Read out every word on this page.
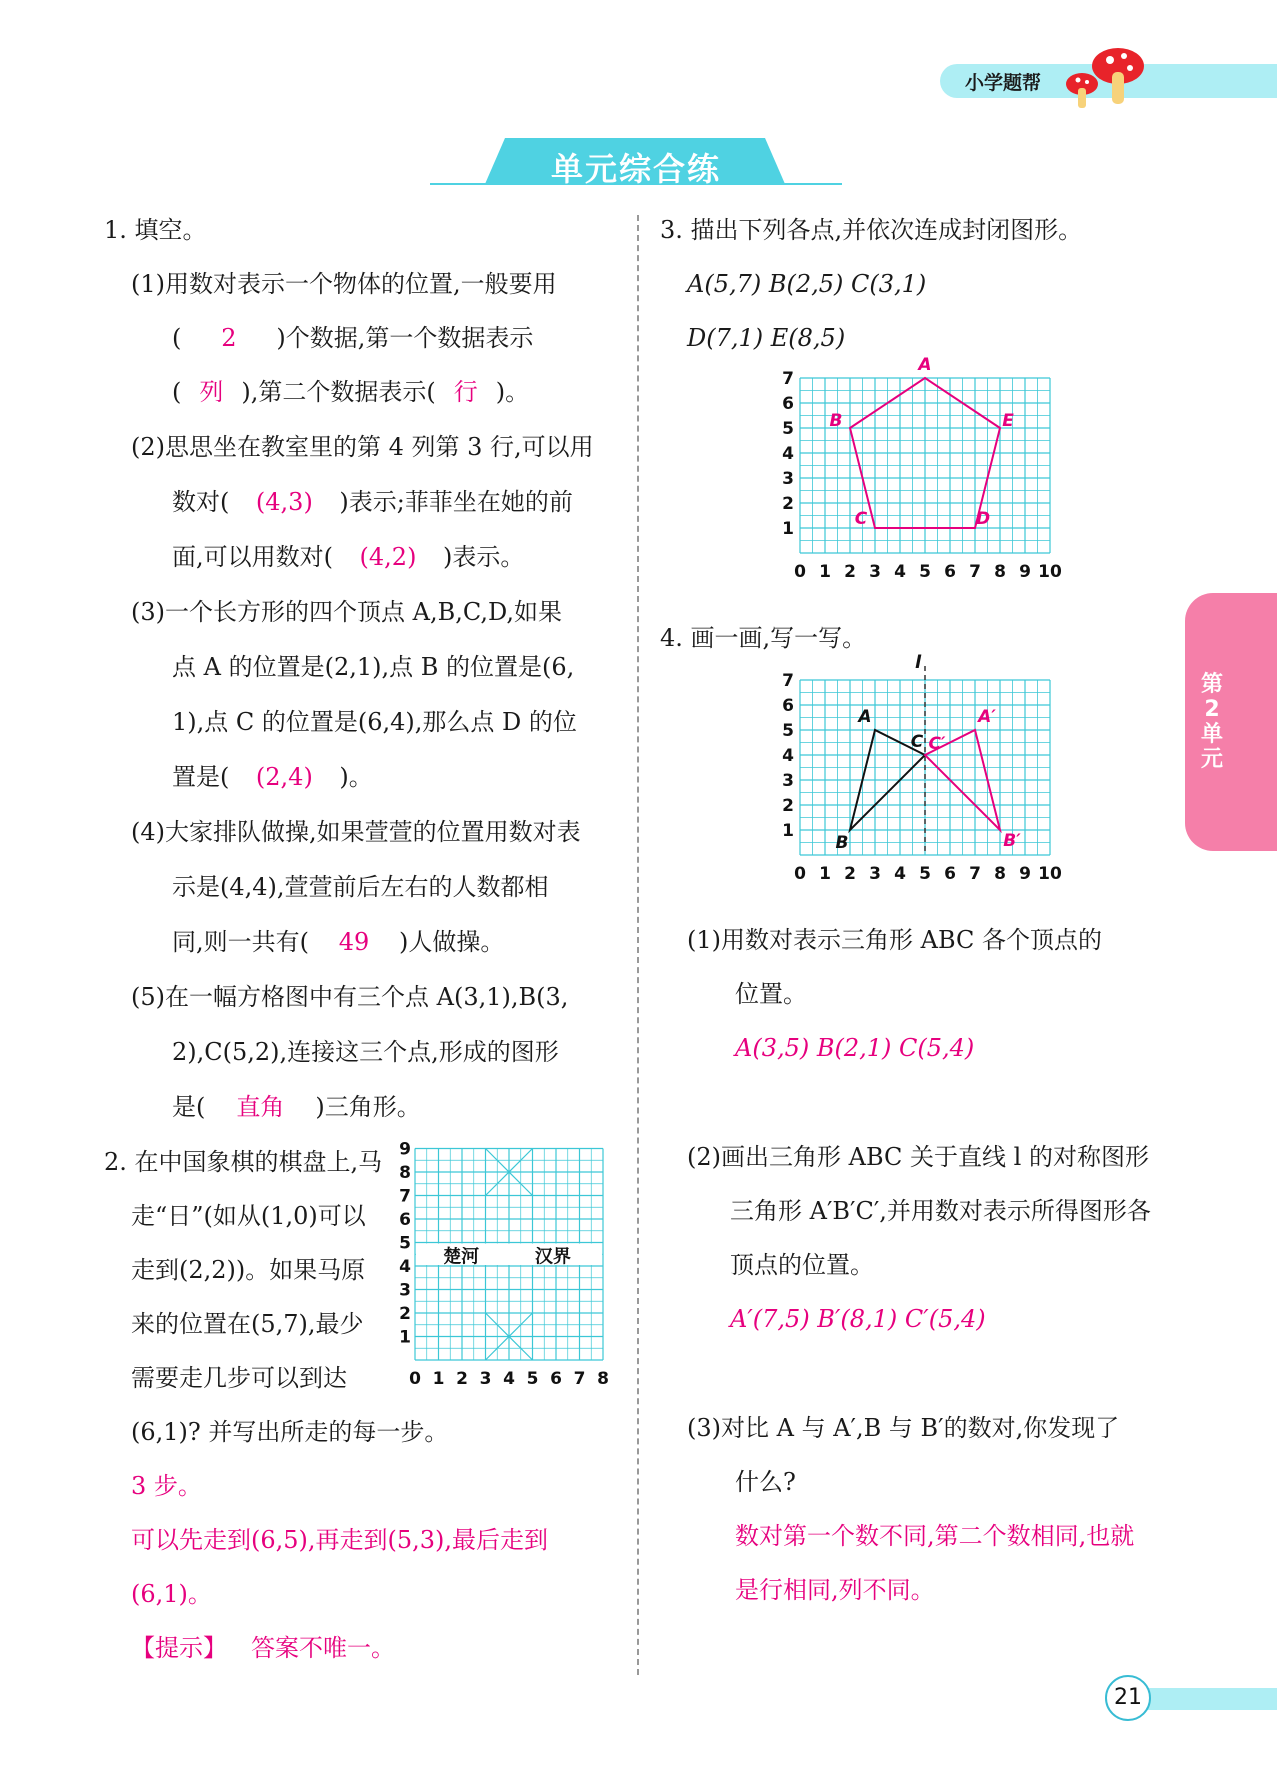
小学题帮
单元综合练
第
2
单
元
21
1. 填空。
(1)用数对表示一个物体的位置,一般要用
( 2 )个数据,第一个数据表示
( 列 ),第二个数据表示( 行 )。
(2)思思坐在教室里的第 4 列第 3 行,可以用
数对( (4,3) )表示;菲菲坐在她的前
面,可以用数对( (4,2) )表示。
(3)一个长方形的四个顶点 A,B,C,D,如果
点 A 的位置是(2,1),点 B 的位置是(6,
1),点 C 的位置是(6,4),那么点 D 的位
置是( (2,4) )。
(4)大家排队做操,如果萱萱的位置用数对表
示是(4,4),萱萱前后左右的人数都相
同,则一共有( 49 )人做操。
(5)在一幅方格图中有三个点 A(3,1),B(3,
2),C(5,2),连接这三个点,形成的图形
是( 直角 )三角形。
2. 在中国象棋的棋盘上,马
走“日”(如从(1,0)可以
走到(2,2))。如果马原
来的位置在(5,7),最少
需要走几步可以到达
(6,1)? 并写出所走的每一步。
3 步。
可以先走到(6,5),再走到(5,3),最后走到
(6,1)。
【提示】 答案不唯一。
楚河	汉界
0 1 2 3 4 5 6 7 8
1
2
3
4
5
6
7
8
9
3. 描出下列各点,并依次连成封闭图形。
A(5,7) B(2,5) C(3,1)
D(7,1) E(8,5)
0 1 2 3 4 5 6 7 8 9 10
1
2
3
4
5
6
7
A
B
C	D
E
4. 画一画,写一写。
0 1 2 3 4 5 6 7 8 9 10
1
2
3
4
5
6
7
l
A
B
C
A′
B′
C′
(1)用数对表示三角形 ABC 各个顶点的
位置。
A(3,5) B(2,1) C(5,4)
(2)画出三角形 ABC 关于直线 l 的对称图形
三角形 A′B′C′,并用数对表示所得图形各
顶点的位置。
A′(7,5) B′(8,1) C′(5,4)
(3)对比 A 与 A′,B 与 B′的数对,你发现了
什么?
数对第一个数不同,第二个数相同,也就
是行相同,列不同。
